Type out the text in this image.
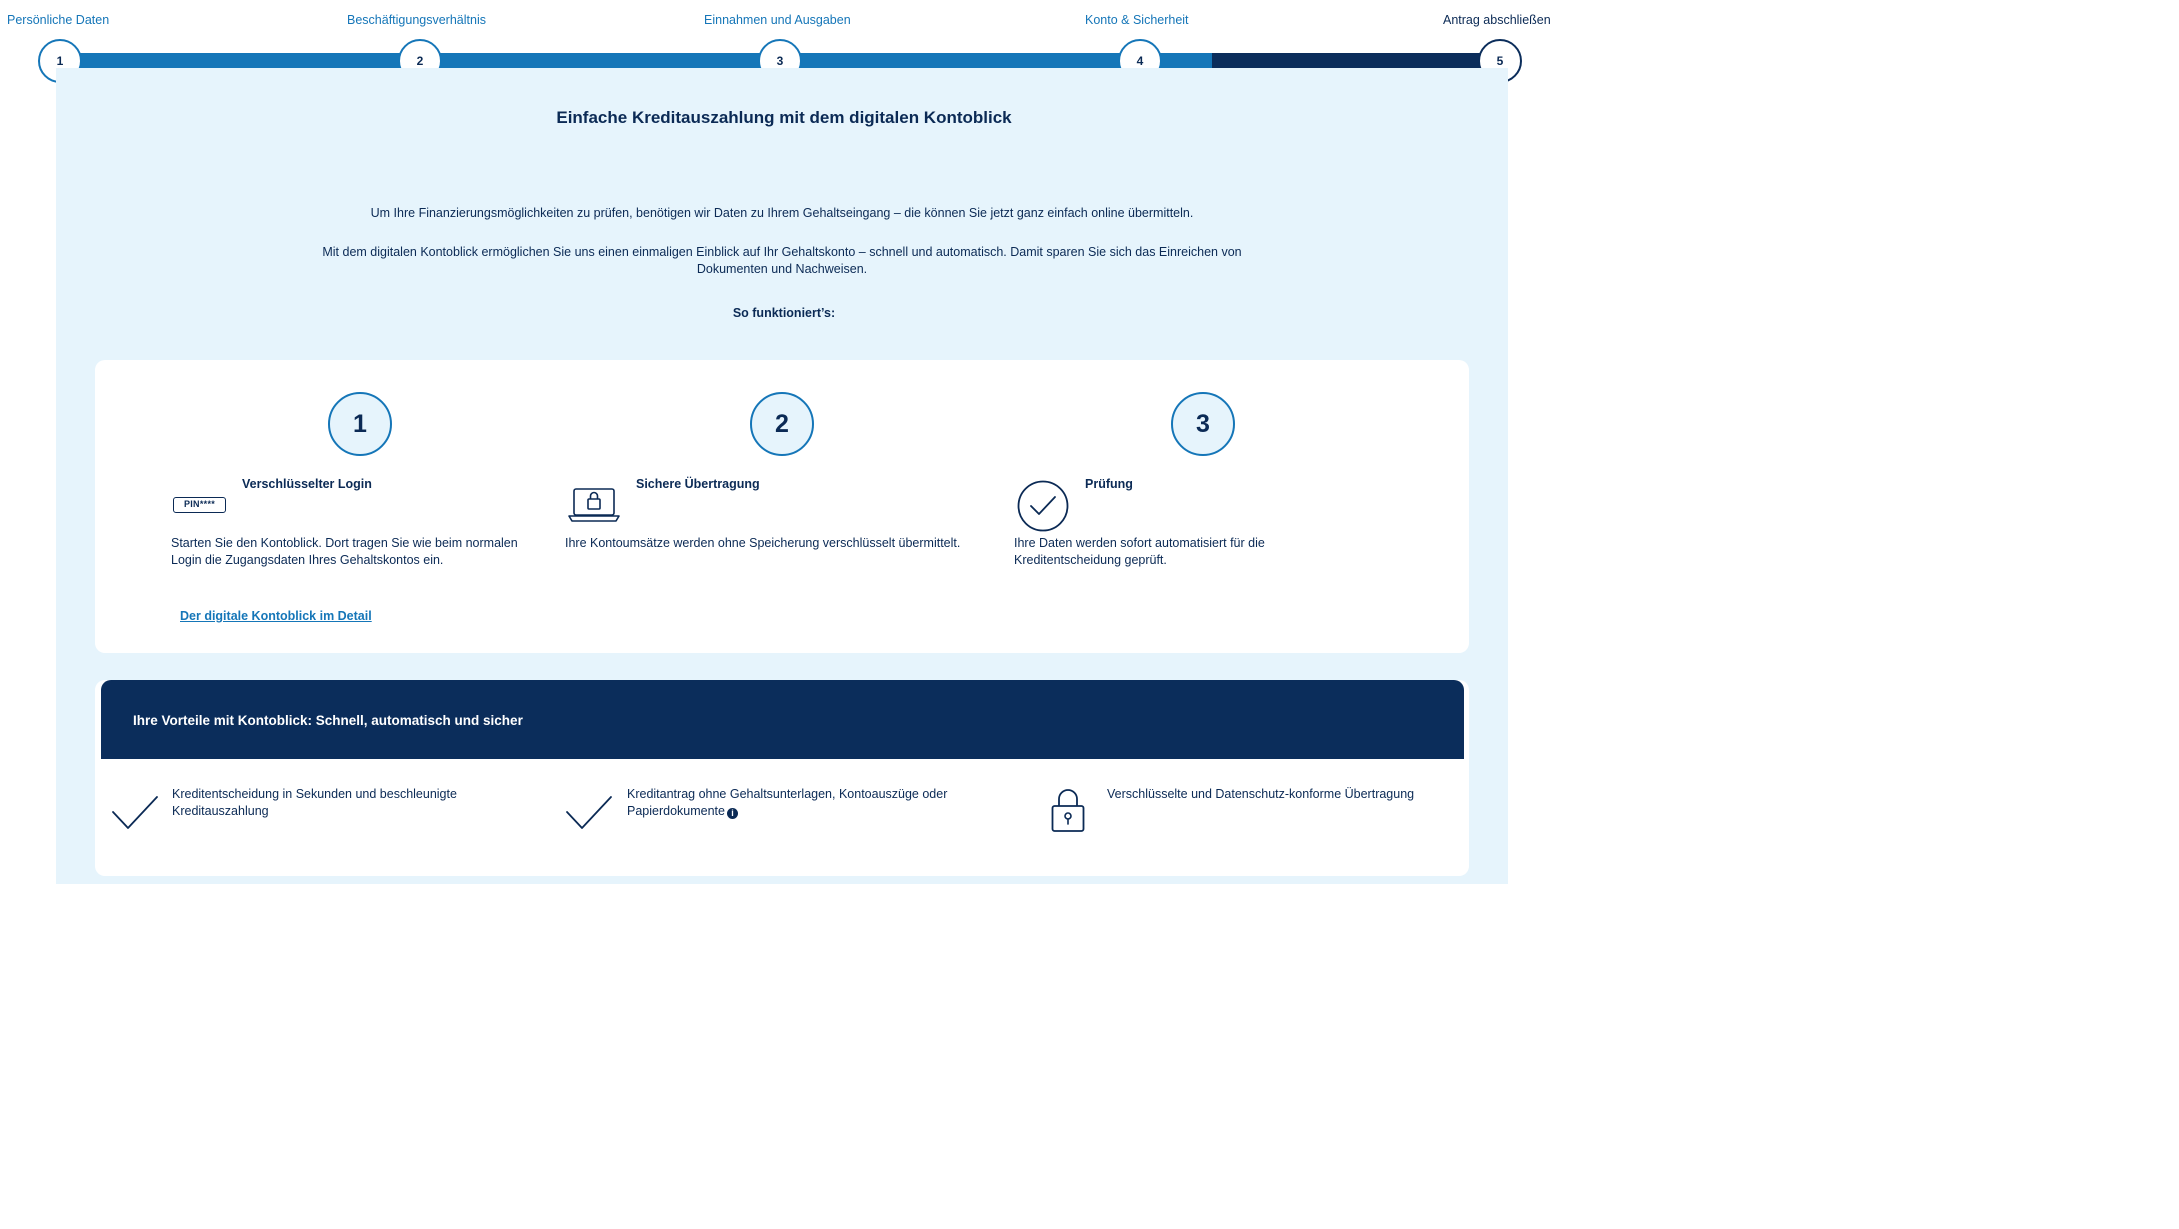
Persönliche Daten	Beschäftigungsverhältnis	Einnahmen und Ausgaben	Konto & Sicherheit	Antrag abschließen
1	2	3	4	5
Einfache Kreditauszahlung mit dem digitalen Kontoblick
Um Ihre Finanzierungsmöglichkeiten zu prüfen, benötigen wir Daten zu Ihrem Gehaltseingang – die können Sie jetzt ganz einfach online übermitteln.
Mit dem digitalen Kontoblick ermöglichen Sie uns einen einmaligen Einblick auf Ihr Gehaltskonto – schnell und automatisch. Damit sparen Sie sich das Einreichen von Dokumenten und Nachweisen.
So funktioniert’s:
1	2	3
Verschlüsselter Login
PIN****
Starten Sie den Kontoblick. Dort tragen Sie wie beim normalen Login die Zugangsdaten Ihres Gehaltskontos ein.
Der digitale Kontoblick im Detail
Sichere Übertragung
Ihre Kontoumsätze werden ohne Speicherung verschlüsselt übermittelt.
Prüfung
Ihre Daten werden sofort automatisiert für die Kreditentscheidung geprüft.
Ihre Vorteile mit Kontoblick: Schnell, automatisch und sicher
Kreditentscheidung in Sekunden und beschleunigte Kreditauszahlung
Kreditantrag ohne Gehaltsunterlagen, Kontoauszüge oder Papierdokumente i
Verschlüsselte und Datenschutz-konforme Übertragung
